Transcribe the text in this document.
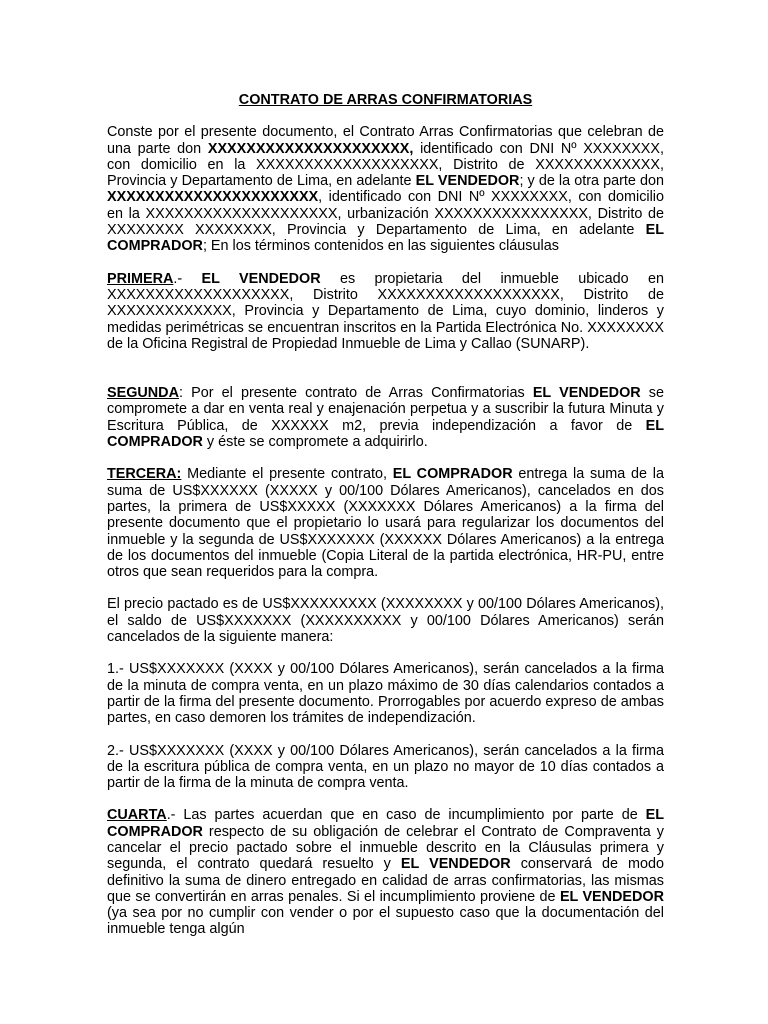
CONTRATO DE ARRAS CONFIRMATORIAS

Conste por el presente documento, el Contrato Arras Confirmatorias que celebran de una parte don XXXXXXXXXXXXXXXXXXXXX, identificado con DNI Nº XXXXXXXX, con domicilio en la XXXXXXXXXXXXXXXXXXX, Distrito de XXXXXXXXXXXXX, Provincia y Departamento de Lima, en adelante EL VENDEDOR; y de la otra parte don XXXXXXXXXXXXXXXXXXXXXX, identificado con DNI Nº XXXXXXXX, con domicilio en la XXXXXXXXXXXXXXXXXXXX, urbanización XXXXXXXXXXXXXXXX, Distrito de XXXXXXXX XXXXXXXX, Provincia y Departamento de Lima, en adelante EL COMPRADOR; En los términos contenidos en las siguientes cláusulas

PRIMERA.- EL VENDEDOR es propietaria del inmueble ubicado en XXXXXXXXXXXXXXXXXXX, Distrito XXXXXXXXXXXXXXXXXXX, Distrito de XXXXXXXXXXXXX, Provincia y Departamento de Lima, cuyo dominio, linderos y medidas perimétricas se encuentran inscritos en la Partida Electrónica No. XXXXXXXX de la Oficina Registral de Propiedad Inmueble de Lima y Callao (SUNARP).

SEGUNDA: Por el presente contrato de Arras Confirmatorias EL VENDEDOR se compromete a dar en venta real y enajenación perpetua y a suscribir la futura Minuta y Escritura Pública, de XXXXXX m2, previa independización a favor de EL COMPRADOR y éste se compromete a adquirirlo.

TERCERA: Mediante el presente contrato, EL COMPRADOR entrega la suma de la suma de US$XXXXXX (XXXXX y 00/100 Dólares Americanos), cancelados en dos partes, la primera de US$XXXXX (XXXXXXX Dólares Americanos) a la firma del presente documento que el propietario lo usará para regularizar los documentos del inmueble y la segunda de US$XXXXXXX (XXXXXX Dólares Americanos) a la entrega de los documentos del inmueble (Copia Literal de la partida electrónica, HR-PU, entre otros que sean requeridos para la compra.

El precio pactado es de US$XXXXXXXXX (XXXXXXXX y 00/100 Dólares Americanos), el saldo de US$XXXXXXX (XXXXXXXXXX y 00/100 Dólares Americanos) serán cancelados de la siguiente manera:

1.- US$XXXXXXX (XXXX y 00/100 Dólares Americanos), serán cancelados a la firma de la minuta de compra venta, en un plazo máximo de 30 días calendarios contados a partir de la firma del presente documento. Prorrogables por acuerdo expreso de ambas partes, en caso demoren los trámites de independización.

2.- US$XXXXXXX (XXXX y 00/100 Dólares Americanos), serán cancelados a la firma de la escritura pública de compra venta, en un plazo no mayor de 10 días contados a partir de la firma de la minuta de compra venta.

CUARTA.- Las partes acuerdan que en caso de incumplimiento por parte de EL COMPRADOR respecto de su obligación de celebrar el Contrato de Compraventa y cancelar el precio pactado sobre el inmueble descrito en la Cláusulas primera y segunda, el contrato quedará resuelto y EL VENDEDOR conservará de modo definitivo la suma de dinero entregado en calidad de arras confirmatorias, las mismas que se convertirán en arras penales. Si el incumplimiento proviene de EL VENDEDOR (ya sea por no cumplir con vender o por el supuesto caso que la documentación del inmueble tenga algún
